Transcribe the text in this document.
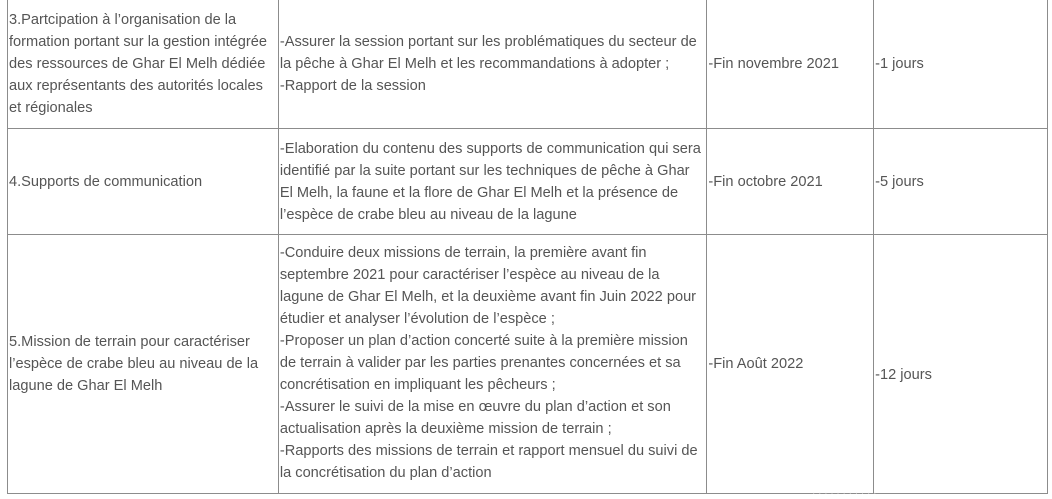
3.Partcipation à l’organisation de la formation portant sur la gestion intégrée des ressources de Ghar El Melh dédiée aux représentants des autorités locales et régionales	-Assurer la session portant sur les problématiques du secteur de la pêche à Ghar El Melh et les recommandations à adopter ;
-Rapport de la session	-Fin novembre 2021	-1 jours
4.Supports de communication	-Elaboration du contenu des supports de communication qui sera identifié par la suite portant sur les techniques de pêche à Ghar El Melh, la faune et la flore de Ghar El Melh et la présence de l’espèce de crabe bleu au niveau de la lagune	-Fin octobre 2021	-5 jours
5.Mission de terrain pour caractériser l’espèce de crabe bleu au niveau de la lagune de Ghar El Melh	-Conduire deux missions de terrain, la première avant fin septembre 2021 pour caractériser l’espèce au niveau de la lagune de Ghar El Melh, et la deuxième avant fin Juin 2022 pour étudier et analyser l’évolution de l’espèce ;
-Proposer un plan d’action concerté suite à la première mission de terrain à valider par les parties prenantes concernées et sa concrétisation en impliquant les pêcheurs ;
-Assurer le suivi de la mise en œuvre du plan d’action et son actualisation après la deuxième mission de terrain ;
-Rapports des missions de terrain et rapport mensuel du suivi de la concrétisation du plan d’action	-Fin Août 2022	-12 jours
· · · · · · · · · · ·
